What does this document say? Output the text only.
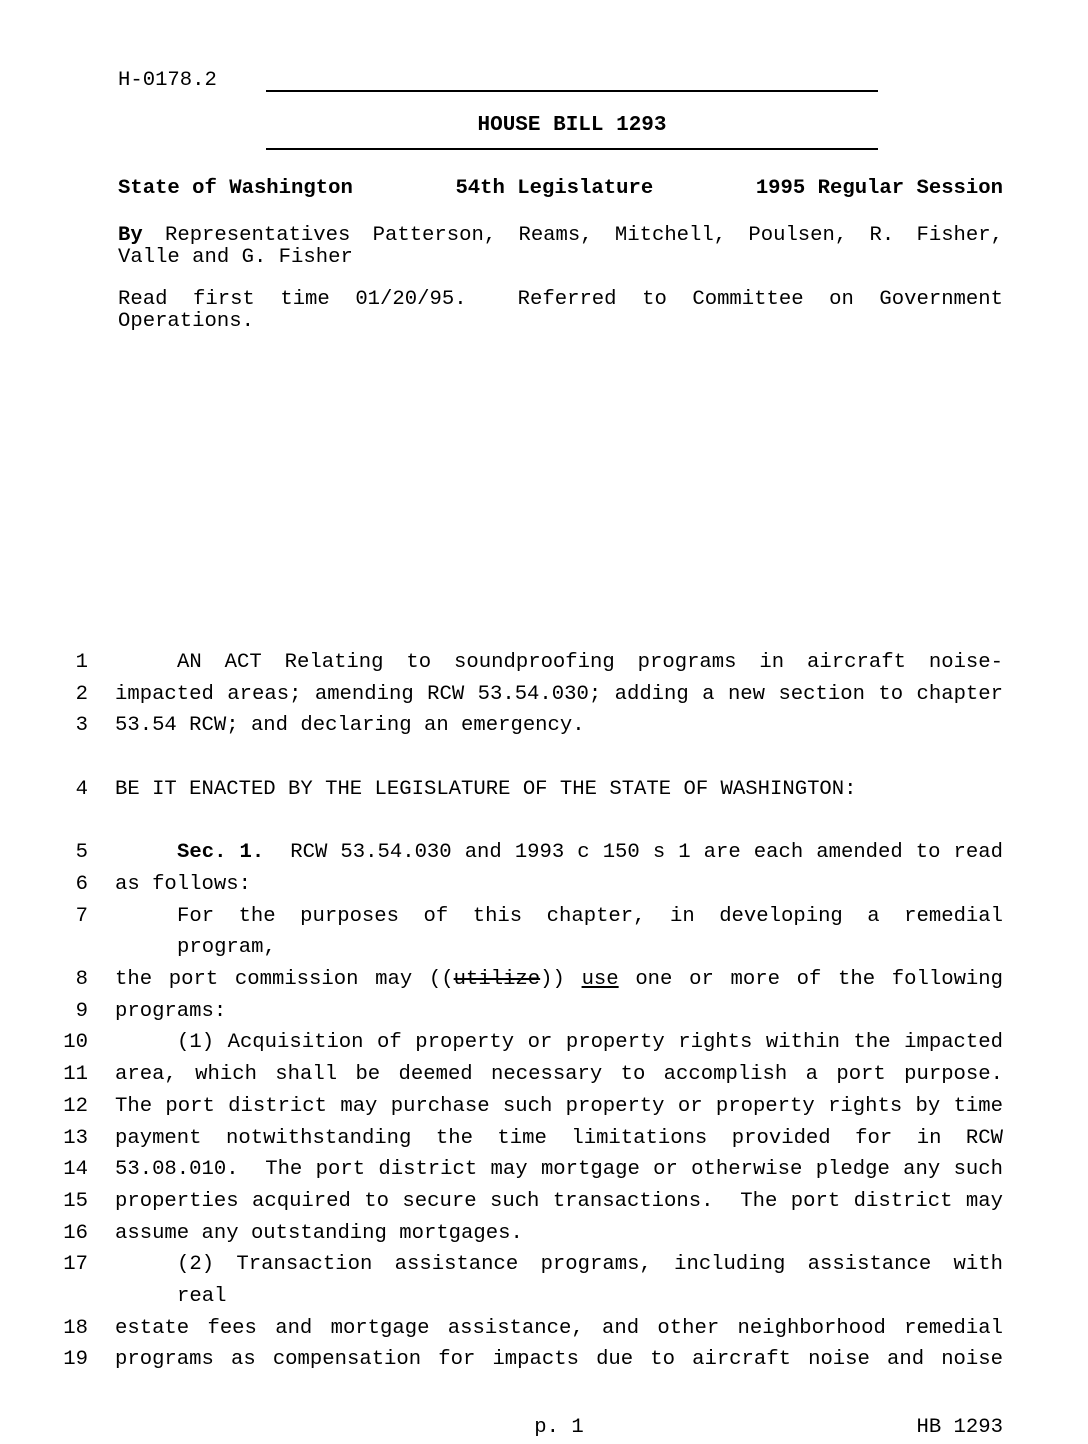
H-0178.2
HOUSE BILL 1293
State of Washington	54th Legislature	1995 Regular Session
By Representatives Patterson, Reams, Mitchell, Poulsen, R. Fisher,
Valle and G. Fisher
Read first time 01/20/95.  Referred to Committee on Government
Operations.
1	AN ACT Relating to soundproofing programs in aircraft noise-
2 impacted areas; amending RCW 53.54.030; adding a new section to chapter
3 53.54 RCW; and declaring an emergency.
4 BE IT ENACTED BY THE LEGISLATURE OF THE STATE OF WASHINGTON:
5	Sec. 1.  RCW 53.54.030 and 1993 c 150 s 1 are each amended to read
6 as follows:
7	For the purposes of this chapter, in developing a remedial program,
8 the port commission may ((utilize)) use one or more of the following
9 programs:
10	(1) Acquisition of property or property rights within the impacted
11 area, which shall be deemed necessary to accomplish a port purpose.
12 The port district may purchase such property or property rights by time
13 payment notwithstanding the time limitations provided for in RCW
14 53.08.010.  The port district may mortgage or otherwise pledge any such
15 properties acquired to secure such transactions.  The port district may
16 assume any outstanding mortgages.
17	(2) Transaction assistance programs, including assistance with real
18 estate fees and mortgage assistance, and other neighborhood remedial
19 programs as compensation for impacts due to aircraft noise and noise
p. 1	HB 1293
